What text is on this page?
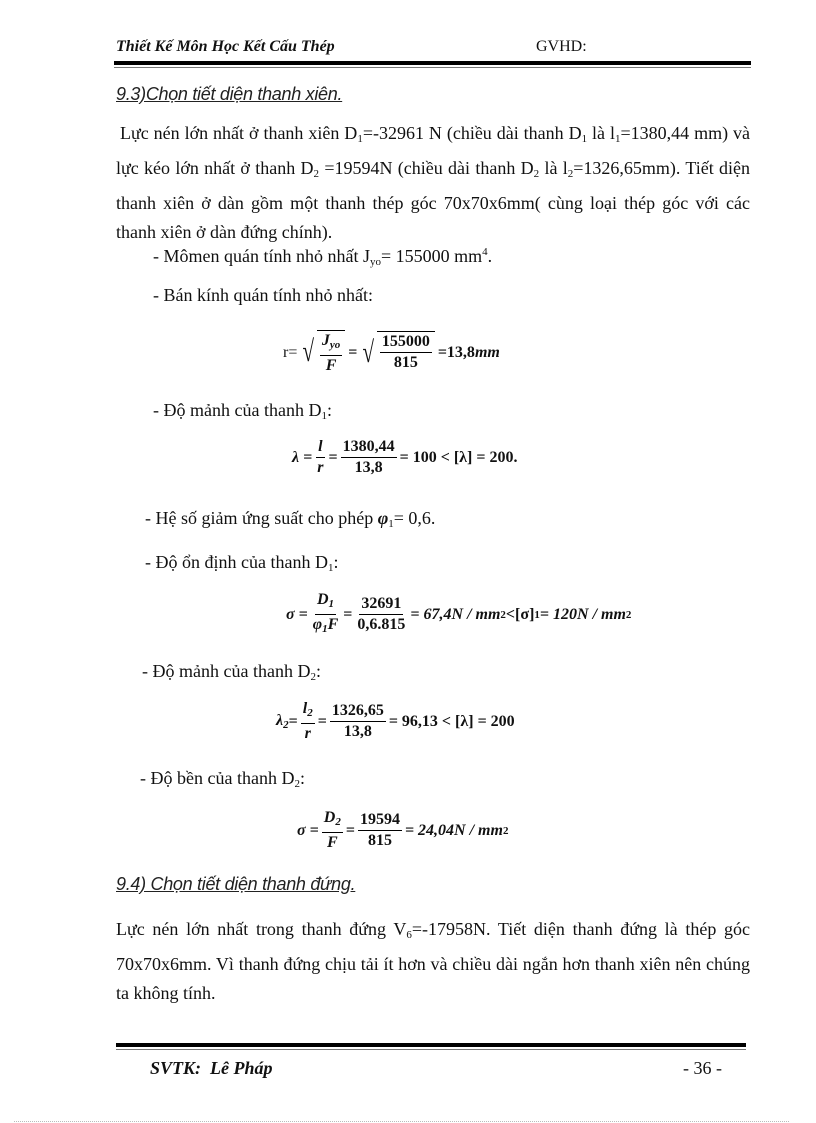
Thiết Kế Môn Học Kết Cấu Thép	GVHD:
9.3)Chọn tiết diện thanh xiên.
Lực nén lớn nhất ở thanh xiên $D_1=-32961$ N (chiều dài thanh $D_1$ là $l_1=1380,44$ mm) và lực kéo lớn nhất ở thanh $D_2 =19594N$ (chiều dài thanh $D_2$ là $l_2=1326,65mm$). Tiết diện thanh xiên ở dàn gồm một thanh thép góc 70x70x6mm( cùng loại thép góc với các thanh xiên ở dàn đứng chính).
- Mômen quán tính nhỏ nhất $J_{yo}= 155000$ $mm^4$.
- Bán kính quán tính nhỏ nhất:
r= √ $\frac{J_{yo}}{F}$ = √ $\frac{155000}{815} =13,8$ mm
- Độ mảnh của thanh $D_1$:
$\lambda = \frac{l}{r} = \frac{1380,44}{13,8} = 100 < [\lambda] = 200$.
- Hệ số giảm ứng suất cho phép $\varphi_1= 0,6$.
- Độ ổn định của thanh $D_1$:
$\sigma = \frac{D_1}{\varphi_1F} = \frac{32691}{0,6.815} = 67,4N$ / mm 2 <[σ] 1 = 120N / mm 2
- Độ mảnh của thanh $D_2$:
$\lambda_2 = \frac{l_2}{r} = \frac{1326,65}{13,8} = 96,13 < [\lambda] = 200$
- Độ bền của thanh $D_2$:
$\sigma = \frac{D_2}{F} = \frac{19594}{815} = 24,04N$ / mm 2
9.4) Chọn tiết diện thanh đứng.
Lực nén lớn nhất trong thanh đứng $V_6=-17958N$. Tiết diện thanh đứng là thép góc 70x70x6mm. Vì thanh đứng chịu tải ít hơn và chiều dài ngắn hơn thanh xiên nên chúng ta không tính.
SVTK: Lê Pháp	- 36 -
